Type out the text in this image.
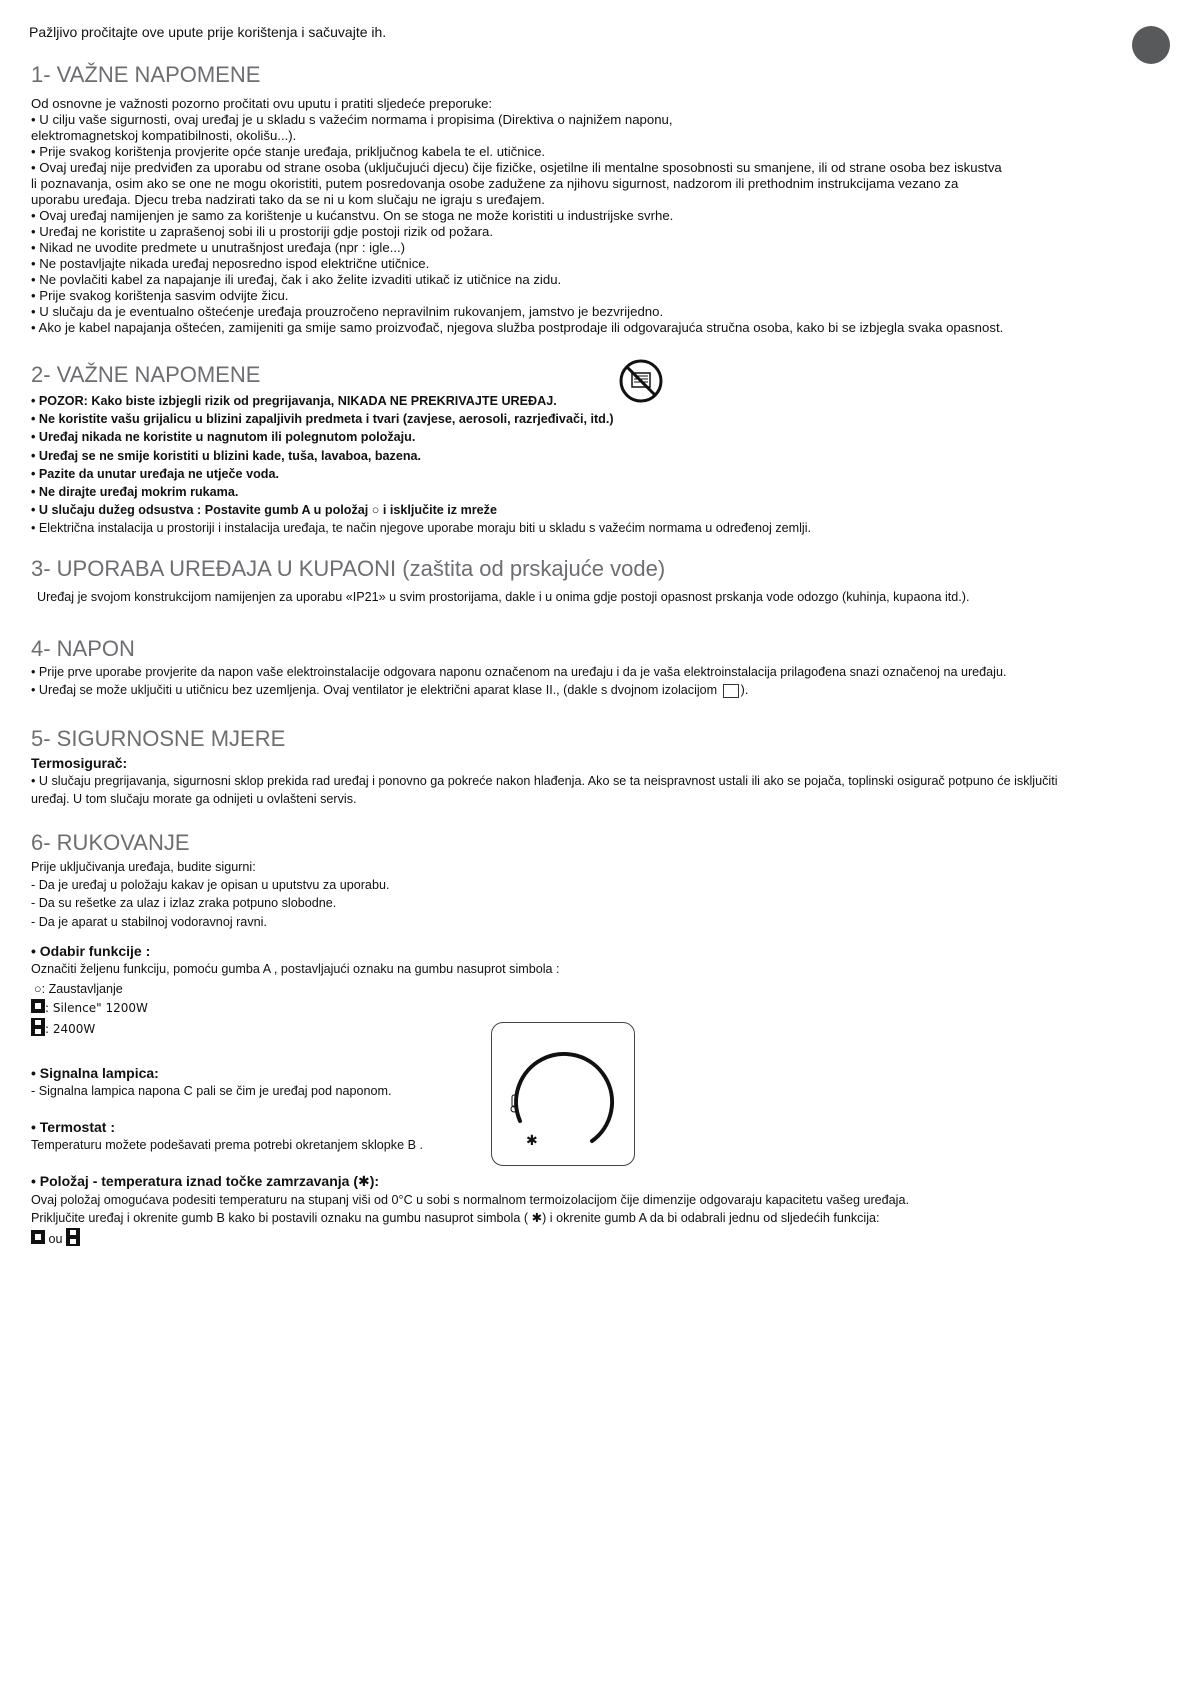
Pažljivo pročitajte ove upute prije korištenja i sačuvajte ih.
1- VAŽNE NAPOMENE

Od osnovne je važnosti pozorno pročitati ovu uputu i pratiti sljedeće preporuke:

• U cilju vaše sigurnosti, ovaj uređaj je u skladu s važećim normama i propisima (Direktiva o najnižem naponu,

elektromagnetskoj kompatibilnosti, okolišu...).

• Prije svakog korištenja provjerite opće stanje uređaja, priključnog kabela te el. utičnice.

• Ovaj uređaj nije predviđen za uporabu od strane osoba (uključujući djecu) čije fizičke, osjetilne ili mentalne sposobnosti su smanjene, ili od strane osoba bez iskustva

li poznavanja, osim ako se one ne mogu okoristiti, putem posredovanja osobe zadužene za njihovu sigurnost, nadzorom ili prethodnim instrukcijama vezano za

uporabu uređaja. Djecu treba nadzirati tako da se ni u kom slučaju ne igraju s uređajem.

• Ovaj uređaj namijenjen je samo za korištenje u kućanstvu. On se stoga ne može koristiti u industrijske svrhe.

• Uređaj ne koristite u zaprašenoj sobi ili u prostoriji gdje postoji rizik od požara.

• Nikad ne uvodite predmete u unutrašnjost uređaja (npr : igle...)

• Ne postavljajte nikada uređaj neposredno ispod električne utičnice.

• Ne povlačiti kabel za napajanje ili uređaj, čak i ako želite izvaditi utikač iz utičnice na zidu.

• Prije svakog korištenja sasvim odvijte žicu.

• U slučaju da je eventualno oštećenje uređaja prouzročeno nepravilnim rukovanjem, jamstvo je bezvrijedno.

• Ako je kabel napajanja oštećen, zamijeniti ga smije samo proizvođač, njegova služba postprodaje ili odgovarajuća stručna osoba, kako bi se izbjegla svaka opasnost.

2- VAŽNE NAPOMENE

• POZOR: Kako biste izbjegli rizik od pregrijavanja, NIKADA NE PREKRIVAJTE UREĐAJ.

• Ne koristite vašu grijalicu u blizini zapaljivih predmeta i tvari (zavjese, aerosoli, razrjeđivači, itd.)

• Uređaj nikada ne koristite u nagnutom ili polegnutom položaju.

• Uređaj se ne smije koristiti u blizini kade, tuša, lavaboa, bazena.

• Pazite da unutar uređaja ne utječe voda.

• Ne dirajte uređaj mokrim rukama.

• U slučaju dužeg odsustva : Postavite gumb A u položaj ○ i isključite iz mreže

• Električna instalacija u prostoriji i instalacija uređaja, te način njegove uporabe moraju biti u skladu s važećim normama u određenoj zemlji.

3- UPORABA UREĐAJA U KUPAONI (zaštita od prskajuće vode)
Uređaj je svojom konstrukcijom namijenjen za uporabu «IP21» u svim prostorijama, dakle i u onima gdje postoji opasnost prskanja vode odozgo (kuhinja, kupaona itd.).
4- NAPON

• Prije prve uporabe provjerite da napon vaše elektroinstalacije odgovara naponu označenom na uređaju i da je vaša elektroinstalacija prilagođena snazi označenoj na uređaju.

• Uređaj se može uključiti u utičnicu bez uzemljenja. Ovaj ventilator je električni aparat klase II., (dakle s dvojnom izolacijom ).

5- SIGURNOSNE MJERE

Termosigurač:

• U slučaju pregrijavanja, sigurnosni sklop prekida rad uređaj i ponovno ga pokreće nakon hlađenja. Ako se ta neispravnost ustali ili ako se pojača, toplinski osigurač potpuno će isključiti

uređaj. U tom slučaju morate ga odnijeti u ovlašteni servis.

6- RUKOVANJE

Prije uključivanja uređaja, budite sigurni:

- Da je uređaj u položaju kakav je opisan u uputstvu za uporabu.

- Da su rešetke za ulaz i izlaz zraka potpuno slobodne.

- Da je aparat u stabilnoj vodoravnoj ravni.

• Odabir funkcije :

Označiti željenu funkciju, pomoću gumba A , postavljajući oznaku na gumbu nasuprot simbola :

○: Zaustavljanje

: Silence" 1200W

: 2400W

• Signalna lampica:

- Signalna lampica napona C pali se čim je uređaj pod naponom.

• Termostat :

Temperaturu možete podešavati prema potrebi okretanjem sklopke B .	✱

• Položaj - temperatura iznad točke zamrzavanja (✱):

Ovaj položaj omogućava podesiti temperaturu na stupanj viši od 0°C u sobi s normalnom termoizolacijom čije dimenzije odgovaraju kapacitetu vašeg uređaja.

Priključite uređaj i okrenite gumb B kako bi postavili oznaku na gumbu nasuprot simbola ( ✱) i okrenite gumb A da bi odabrali jednu od sljedećih funkcija:

ou
